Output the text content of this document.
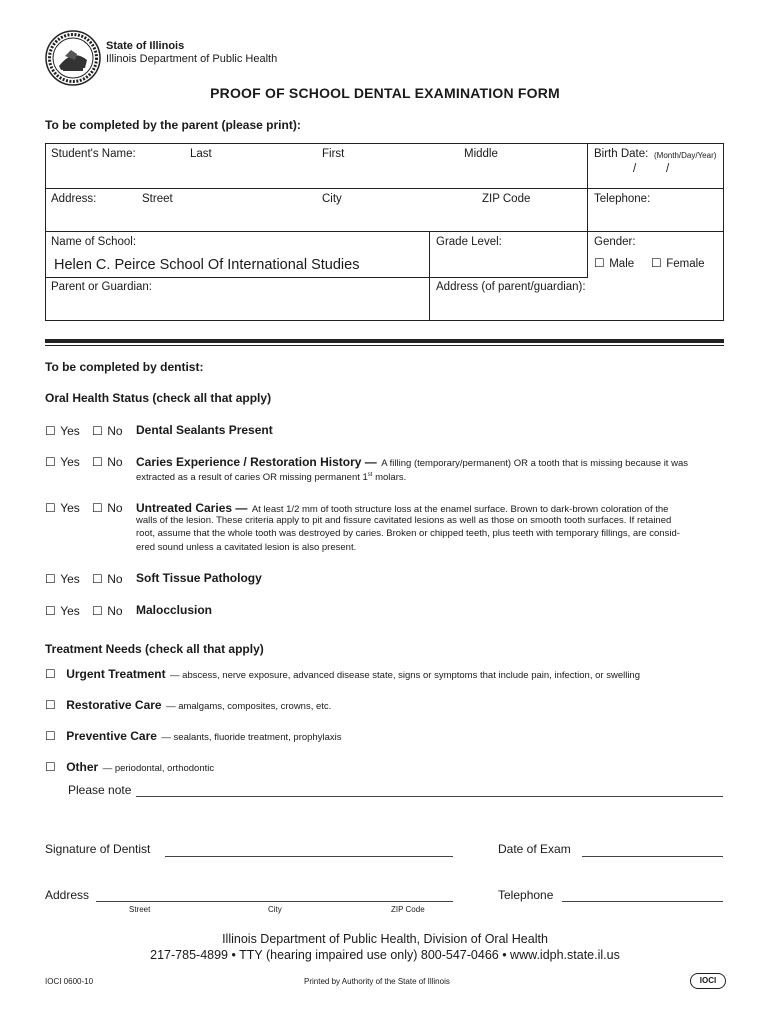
State of Illinois
Illinois Department of Public Health
PROOF OF SCHOOL DENTAL EXAMINATION FORM
To be completed by the parent (please print):
Student's Name:	Last	First	Middle	Birth Date: (Month/Day/Year)
/	/
Address:	Street	City	ZIP Code	Telephone:
Name of School:
Helen C. Peirce School Of International Studies
Grade Level:	Gender:
☐ Male ☐ Female
Parent or Guardian:	Address (of parent/guardian):
To be completed by dentist:
Oral Health Status (check all that apply)
☐ Yes ☐ No Dental Sealants Present
☐ Yes ☐ No Caries Experience / Restoration History — A filling (temporary/permanent) OR a tooth that is missing because it was
extracted as a result of caries OR missing permanent 1st molars.
☐ Yes ☐ No Untreated Caries — At least 1/2 mm of tooth structure loss at the enamel surface. Brown to dark-brown coloration of the
walls of the lesion. These criteria apply to pit and fissure cavitated lesions as well as those on smooth tooth surfaces. If retained
root, assume that the whole tooth was destroyed by caries. Broken or chipped teeth, plus teeth with temporary fillings, are consid-
ered sound unless a cavitated lesion is also present.
☐ Yes ☐ No Soft Tissue Pathology
☐ Yes ☐ No Malocclusion
Treatment Needs (check all that apply)
☐ Urgent Treatment — abscess, nerve exposure, advanced disease state, signs or symptoms that include pain, infection, or swelling
☐ Restorative Care — amalgams, composites, crowns, etc.
☐ Preventive Care — sealants, fluoride treatment, prophylaxis
☐ Other — periodontal, orthodontic
Please note
Signature of Dentist	Date of Exam
Address	Telephone
Street	City	ZIP Code
Illinois Department of Public Health, Division of Oral Health
217-785-4899 • TTY (hearing impaired use only) 800-547-0466 • www.idph.state.il.us
IOCI 0600-10	Printed by Authority of the State of Illinois	IOCI
